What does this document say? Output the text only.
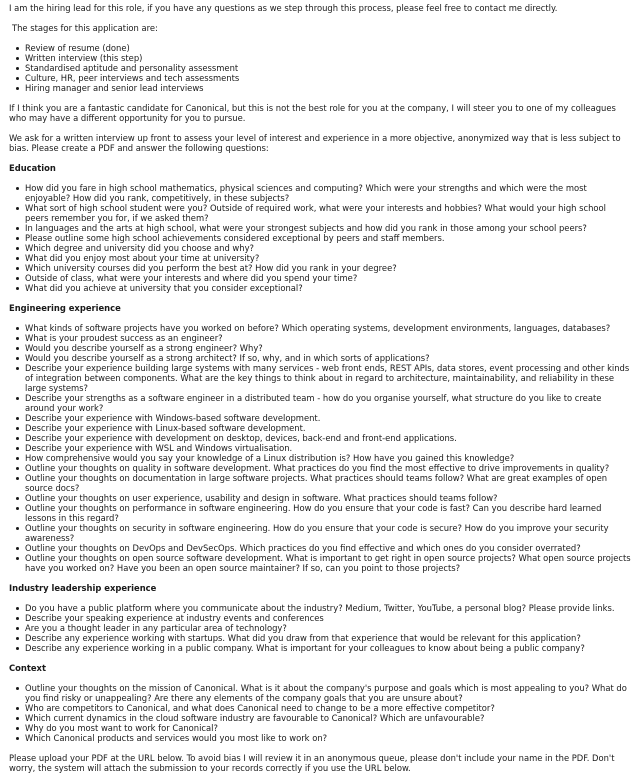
I am the hiring lead for this role, if you have any questions as we step through this process, please feel free to contact me directly.

The stages for this application are:

Review of resume (done)
Written interview (this step)
Standardised aptitude and personality assessment
Culture, HR, peer interviews and tech assessments
Hiring manager and senior lead interviews

If I think you are a fantastic candidate for Canonical, but this is not the best role for you at the company, I will steer you to one of my colleagues who may have a different opportunity for you to pursue.

We ask for a written interview up front to assess your level of interest and experience in a more objective, anonymized way that is less subject to bias. Please create a PDF and answer the following questions:

Education
How did you fare in high school mathematics, physical sciences and computing? Which were your strengths and which were the most enjoyable? How did you rank, competitively, in these subjects?
What sort of high school student were you? Outside of required work, what were your interests and hobbies? What would your high school peers remember you for, if we asked them?
In languages and the arts at high school, what were your strongest subjects and how did you rank in those among your school peers?
Please outline some high school achievements considered exceptional by peers and staff members.
Which degree and university did you choose and why?
What did you enjoy most about your time at university?
Which university courses did you perform the best at? How did you rank in your degree?
Outside of class, what were your interests and where did you spend your time?
What did you achieve at university that you consider exceptional?
Engineering experience
What kinds of software projects have you worked on before? Which operating systems, development environments, languages, databases?
What is your proudest success as an engineer?
Would you describe yourself as a strong engineer? Why?
Would you describe yourself as a strong architect? If so, why, and in which sorts of applications?
Describe your experience building large systems with many services - web front ends, REST APIs, data stores, event processing and other kinds of integration between components. What are the key things to think about in regard to architecture, maintainability, and reliability in these large systems?
Describe your strengths as a software engineer in a distributed team - how do you organise yourself, what structure do you like to create around your work?
Describe your experience with Windows-based software development.
Describe your experience with Linux-based software development.
Describe your experience with development on desktop, devices, back-end and front-end applications.
Describe your experience with WSL and Windows virtualisation.
How comprehensive would you say your knowledge of a Linux distribution is? How have you gained this knowledge?
Outline your thoughts on quality in software development. What practices do you find the most effective to drive improvements in quality?
Outline your thoughts on documentation in large software projects. What practices should teams follow? What are great examples of open source docs?
Outline your thoughts on user experience, usability and design in software. What practices should teams follow?
Outline your thoughts on performance in software engineering. How do you ensure that your code is fast? Can you describe hard learned lessons in this regard?
Outline your thoughts on security in software engineering. How do you ensure that your code is secure? How do you improve your security awareness?
Outline your thoughts on DevOps and DevSecOps. Which practices do you find effective and which ones do you consider overrated?
Outline your thoughts on open source software development. What is important to get right in open source projects? What open source projects have you worked on? Have you been an open source maintainer? If so, can you point to those projects?
Industry leadership experience
Do you have a public platform where you communicate about the industry? Medium, Twitter, YouTube, a personal blog? Please provide links.
Describe your speaking experience at industry events and conferences
Are you a thought leader in any particular area of technology?
Describe any experience working with startups. What did you draw from that experience that would be relevant for this application?
Describe any experience working in a public company. What is important for your colleagues to know about being a public company?
Context
Outline your thoughts on the mission of Canonical. What is it about the company's purpose and goals which is most appealing to you? What do you find risky or unappealing? Are there any elements of the company goals that you are unsure about?
Who are competitors to Canonical, and what does Canonical need to change to be a more effective competitor?
Which current dynamics in the cloud software industry are favourable to Canonical? Which are unfavourable?
Why do you most want to work for Canonical?
Which Canonical products and services would you most like to work on?

Please upload your PDF at the URL below. To avoid bias I will review it in an anonymous queue, please don't include your name in the PDF. Don't worry, the system will attach the submission to your records correctly if you use the URL below.
